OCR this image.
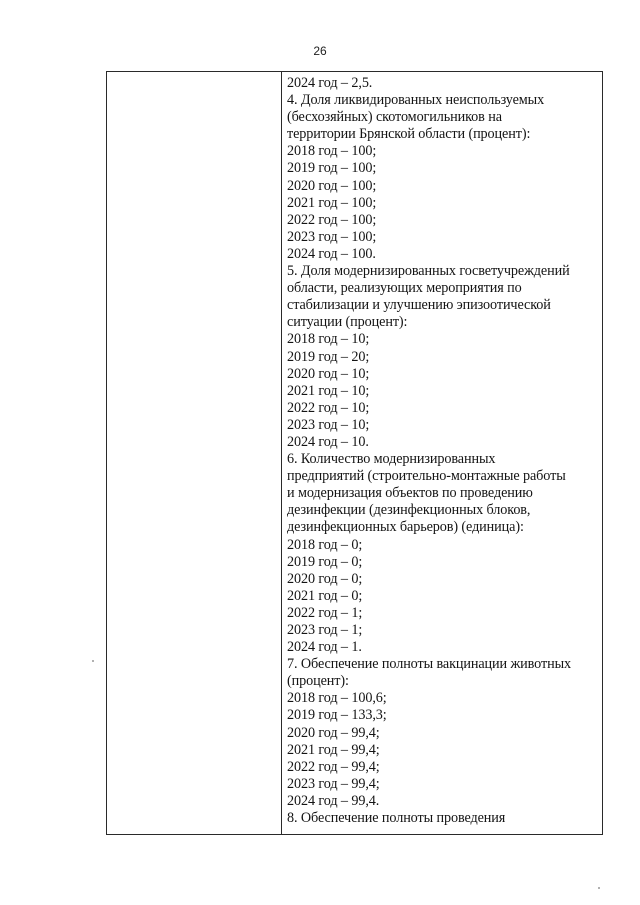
26
2024 год – 2,5.
4. Доля ликвидированных неиспользуемых
(бесхозяйных) скотомогильников на
территории Брянской области (процент):
2018 год – 100;
2019 год – 100;
2020 год – 100;
2021 год – 100;
2022 год – 100;
2023 год – 100;
2024 год – 100.
5. Доля модернизированных госветучреждений
области, реализующих мероприятия по
стабилизации и улучшению эпизоотической
ситуации (процент):
2018 год – 10;
2019 год – 20;
2020 год – 10;
2021 год – 10;
2022 год – 10;
2023 год – 10;
2024 год – 10.
6. Количество модернизированных
предприятий (строительно-монтажные работы
и модернизация объектов по проведению
дезинфекции (дезинфекционных блоков,
дезинфекционных барьеров) (единица):
2018 год – 0;
2019 год – 0;
2020 год – 0;
2021 год – 0;
2022 год – 1;
2023 год – 1;
2024 год – 1.
7. Обеспечение полноты вакцинации животных
(процент):
2018 год – 100,6;
2019 год – 133,3;
2020 год – 99,4;
2021 год – 99,4;
2022 год – 99,4;
2023 год – 99,4;
2024 год – 99,4.
8. Обеспечение полноты проведения
